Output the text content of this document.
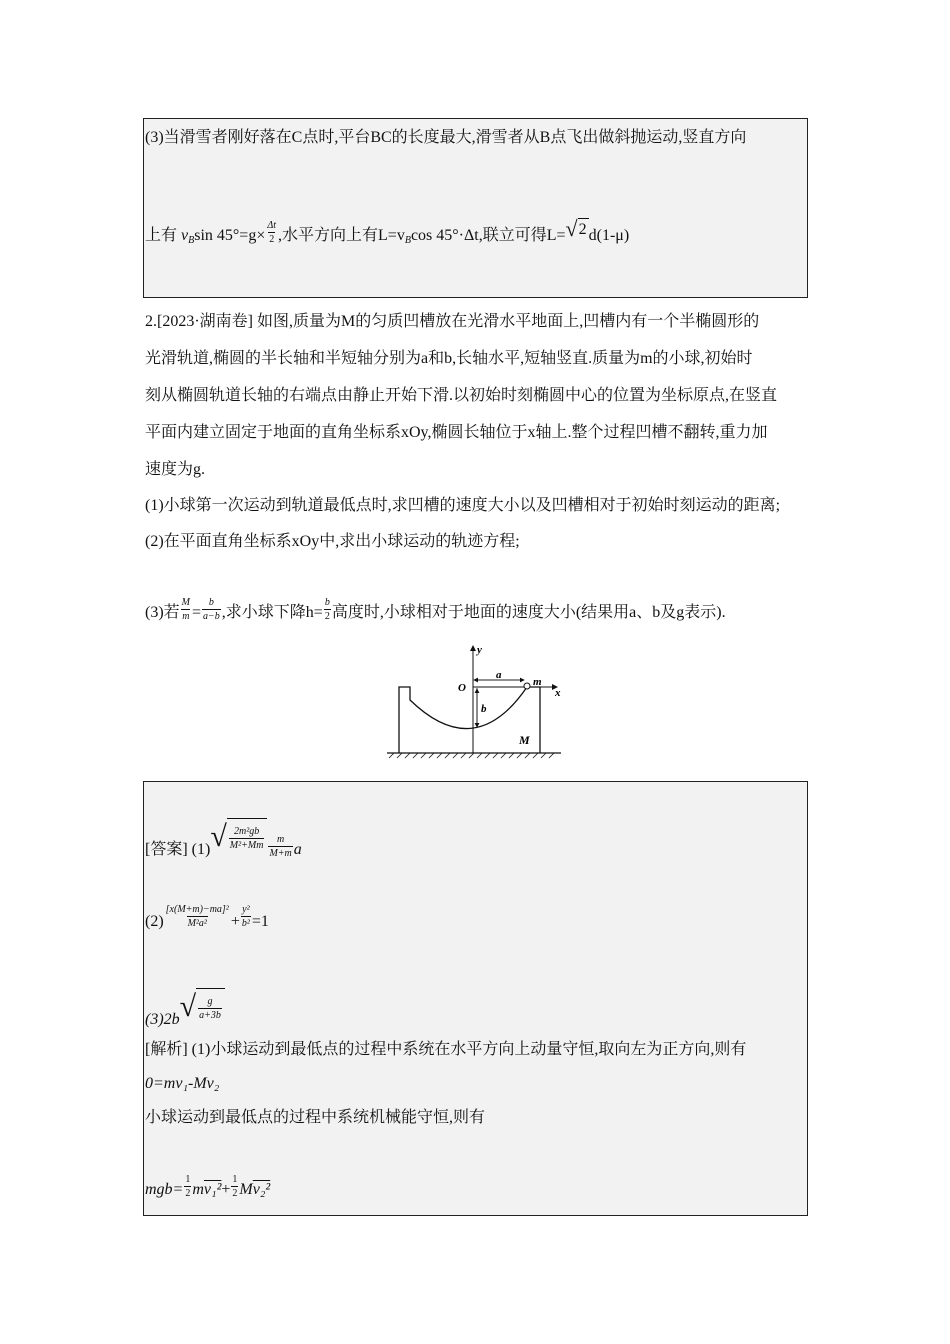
(3)当滑雪者刚好落在C点时,平台BC的长度最大,滑雪者从B点飞出做斜抛运动,竖直方向
上有 $v_B\sin$ $45^\circ=g\times \frac{\Delta t}{2}$ ,水平方向上有$L=v_B\cos$ 45°·Δt,联立可得L= √ 2 d(1-μ)
2.[2023·湖南卷] 如图,质量为M的匀质凹槽放在光滑水平地面上,凹槽内有一个半椭圆形的
光滑轨道,椭圆的半长轴和半短轴分别为a和b,长轴水平,短轴竖直.质量为m的小球,初始时
刻从椭圆轨道长轴的右端点由静止开始下滑.以初始时刻椭圆中心的位置为坐标原点,在竖直
平面内建立固定于地面的直角坐标系xOy,椭圆长轴位于x轴上.整个过程凹槽不翻转,重力加
速度为g.
(1)小球第一次运动到轨道最低点时,求凹槽的速度大小以及凹槽相对于初始时刻运动的距离;
(2)在平面直角坐标系xOy中,求出小球运动的轨迹方程;
(3)若 $\frac{M}{m} = \frac{b}{a-b}$ ,求小球下降$h= \frac{b}{2}$ 高度时,小球相对于地面的速度大小(结果用a、b及g表示).
y
O
a
m
x
b
M
[答案] (1) √ $\frac{\text{2m²gb}}{\text{M²+Mm}} \frac{m}{M+m}$ a
$(2) \frac{\text{[x(M+m)−ma]²}}{\text{M²a²}} + \frac{\text{y²}}{\text{b²}} =1$
(3)2b √ $\frac{g}{a+3b}$
[解析] (1)小球运动到最低点的过程中系统在水平方向上动量守恒,取向左为正方向,则有
0=mv₁-Mv₂
小球运动到最低点的过程中系统机械能守恒,则有
$mgb= \frac{1}{2} mv_1^2+ \frac{1}{2} Mv_2^2$
